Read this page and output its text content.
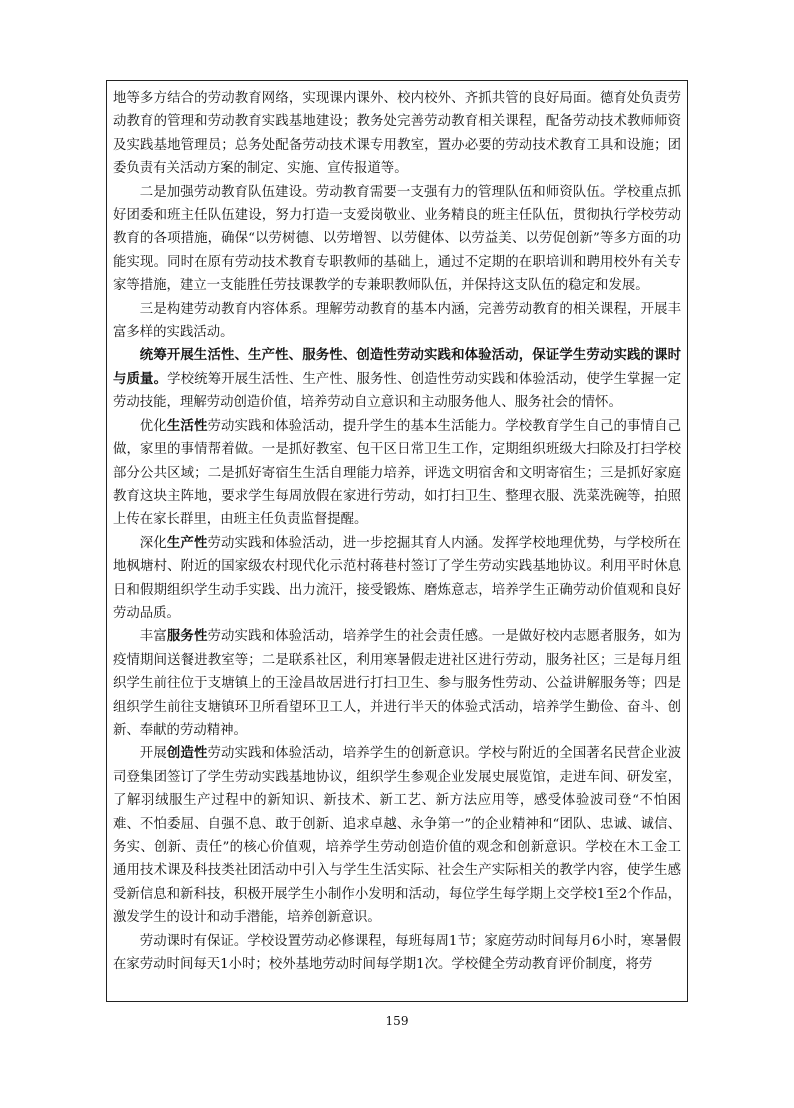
地等多方结合的劳动教育网络，实现课内课外、校内校外、齐抓共管的良好局面。德育处负责劳动教育的管理和劳动教育实践基地建设；教务处完善劳动教育相关课程，配备劳动技术教师师资及实践基地管理员；总务处配备劳动技术课专用教室，置办必要的劳动技术教育工具和设施；团委负责有关活动方案的制定、实施、宣传报道等。

二是加强劳动教育队伍建设。劳动教育需要一支强有力的管理队伍和师资队伍。学校重点抓好团委和班主任队伍建设，努力打造一支爱岗敬业、业务精良的班主任队伍，贯彻执行学校劳动教育的各项措施，确保“以劳树德、以劳增智、以劳健体、以劳益美、以劳促创新”等多方面的功能实现。同时在原有劳动技术教育专职教师的基础上，通过不定期的在职培训和聘用校外有关专家等措施，建立一支能胜任劳技课教学的专兼职教师队伍，并保持这支队伍的稳定和发展。

三是构建劳动教育内容体系。理解劳动教育的基本内涵，完善劳动教育的相关课程，开展丰富多样的实践活动。

统筹开展生活性、生产性、服务性、创造性劳动实践和体验活动，保证学生劳动实践的课时与质量。学校统筹开展生活性、生产性、服务性、创造性劳动实践和体验活动，使学生掌握一定劳动技能，理解劳动创造价值，培养劳动自立意识和主动服务他人、服务社会的情怀。

优化生活性劳动实践和体验活动，提升学生的基本生活能力。学校教育学生自己的事情自己做，家里的事情帮着做。一是抓好教室、包干区日常卫生工作，定期组织班级大扫除及打扫学校部分公共区域；二是抓好寄宿生生活自理能力培养，评选文明宿舍和文明寄宿生；三是抓好家庭教育这块主阵地，要求学生每周放假在家进行劳动，如打扫卫生、整理衣服、洗菜洗碗等，拍照上传在家长群里，由班主任负责监督提醒。

深化生产性劳动实践和体验活动，进一步挖掘其育人内涵。发挥学校地理优势，与学校所在地枫塘村、附近的国家级农村现代化示范村蒋巷村签订了学生劳动实践基地协议。利用平时休息日和假期组织学生动手实践、出力流汗，接受锻炼、磨炼意志，培养学生正确劳动价值观和良好劳动品质。

丰富服务性劳动实践和体验活动，培养学生的社会责任感。一是做好校内志愿者服务，如为疫情期间送餐进教室等；二是联系社区，利用寒暑假走进社区进行劳动，服务社区；三是每月组织学生前往位于支塘镇上的王淦昌故居进行打扫卫生、参与服务性劳动、公益讲解服务等；四是组织学生前往支塘镇环卫所看望环卫工人，并进行半天的体验式活动，培养学生勤俭、奋斗、创新、奉献的劳动精神。

开展创造性劳动实践和体验活动，培养学生的创新意识。学校与附近的全国著名民营企业波司登集团签订了学生劳动实践基地协议，组织学生参观企业发展史展览馆，走进车间、研发室，了解羽绒服生产过程中的新知识、新技术、新工艺、新方法应用等，感受体验波司登“不怕困难、不怕委屈、自强不息、敢于创新、追求卓越、永争第一”的企业精神和“团队、忠诚、诚信、务实、创新、责任”的核心价值观，培养学生劳动创造价值的观念和创新意识。学校在木工金工通用技术课及科技类社团活动中引入与学生生活实际、社会生产实际相关的教学内容，使学生感受新信息和新科技，积极开展学生小制作小发明和活动，每位学生每学期上交学校1至2个作品，激发学生的设计和动手潜能，培养创新意识。

劳动课时有保证。学校设置劳动必修课程，每班每周1节；家庭劳动时间每月6小时，寒暑假在家劳动时间每天1小时；校外基地劳动时间每学期1次。学校健全劳动教育评价制度，将劳

159
